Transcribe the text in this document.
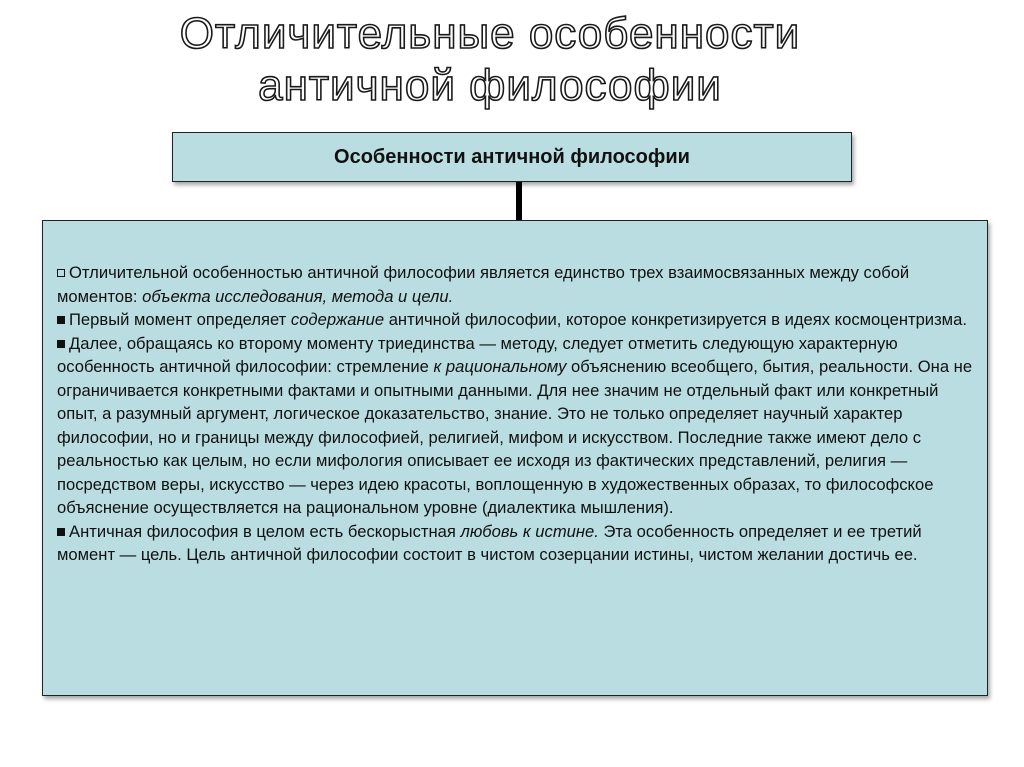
Отличительные особенности
античной философии
Особенности античной философии

Отличительной особенностью античной философии является единство трех взаимосвязанных между собой моментов: объекта исследования, метода и цели.

Первый момент определяет содержание античной философии, которое конкретизируется в идеях космоцентризма.

Далее, обращаясь ко второму моменту триединства — методу, следует отметить следующую характерную особенность античной философии: стремление к рациональному объяснению всеобщего, бытия, реальности. Она не ограничивается конкретными фактами и опытными данными. Для нее значим не отдельный факт или конкретный опыт, а разумный аргумент, логическое доказательство, знание. Это не только определяет научный характер философии, но и границы между философией, религией, мифом и искусством. Последние также имеют дело с реальностью как целым, но если мифология описывает ее исходя из фактических представлений, религия — посредством веры, искусство — через идею красоты, воплощенную в художественных образах, то философское объяснение осуществляется на рациональном уровне (диалектика мышления).

Античная философия в целом есть бескорыстная любовь к истине. Эта особенность определяет и ее третий момент — цель. Цель античной философии состоит в чистом созерцании истины, чистом желании достичь ее.
